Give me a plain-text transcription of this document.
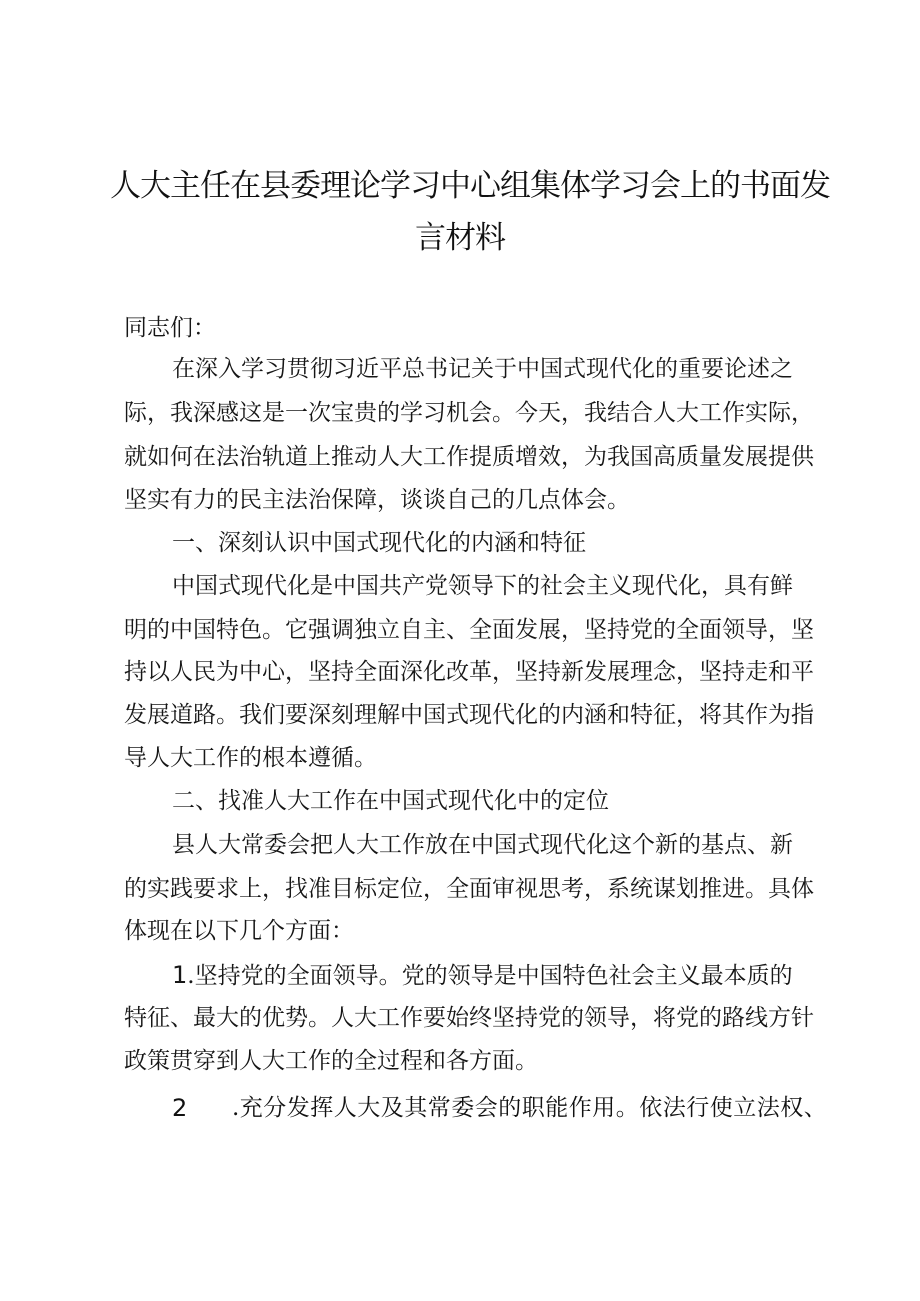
人大主任在县委理论学习中心组集体学习会上的书面发
言材料
同志们：
在深入学习贯彻习近平总书记关于中国式现代化的重要论述之
际，我深感这是一次宝贵的学习机会。今天，我结合人大工作实际，
就如何在法治轨道上推动人大工作提质增效，为我国高质量发展提供
坚实有力的民主法治保障，谈谈自己的几点体会。
一、深刻认识中国式现代化的内涵和特征
中国式现代化是中国共产党领导下的社会主义现代化，具有鲜
明的中国特色。它强调独立自主、全面发展，坚持党的全面领导，坚
持以人民为中心，坚持全面深化改革，坚持新发展理念，坚持走和平
发展道路。我们要深刻理解中国式现代化的内涵和特征，将其作为指
导人大工作的根本遵循。
二、找准人大工作在中国式现代化中的定位
县人大常委会把人大工作放在中国式现代化这个新的基点、新
的实践要求上，找准目标定位，全面审视思考，系统谋划推进。具体
体现在以下几个方面：
1.坚持党的全面领导。党的领导是中国特色社会主义最本质的
特征、最大的优势。人大工作要始终坚持党的领导，将党的路线方针
政策贯穿到人大工作的全过程和各方面。
2 .充分发挥人大及其常委会的职能作用。依法行使立法权、
